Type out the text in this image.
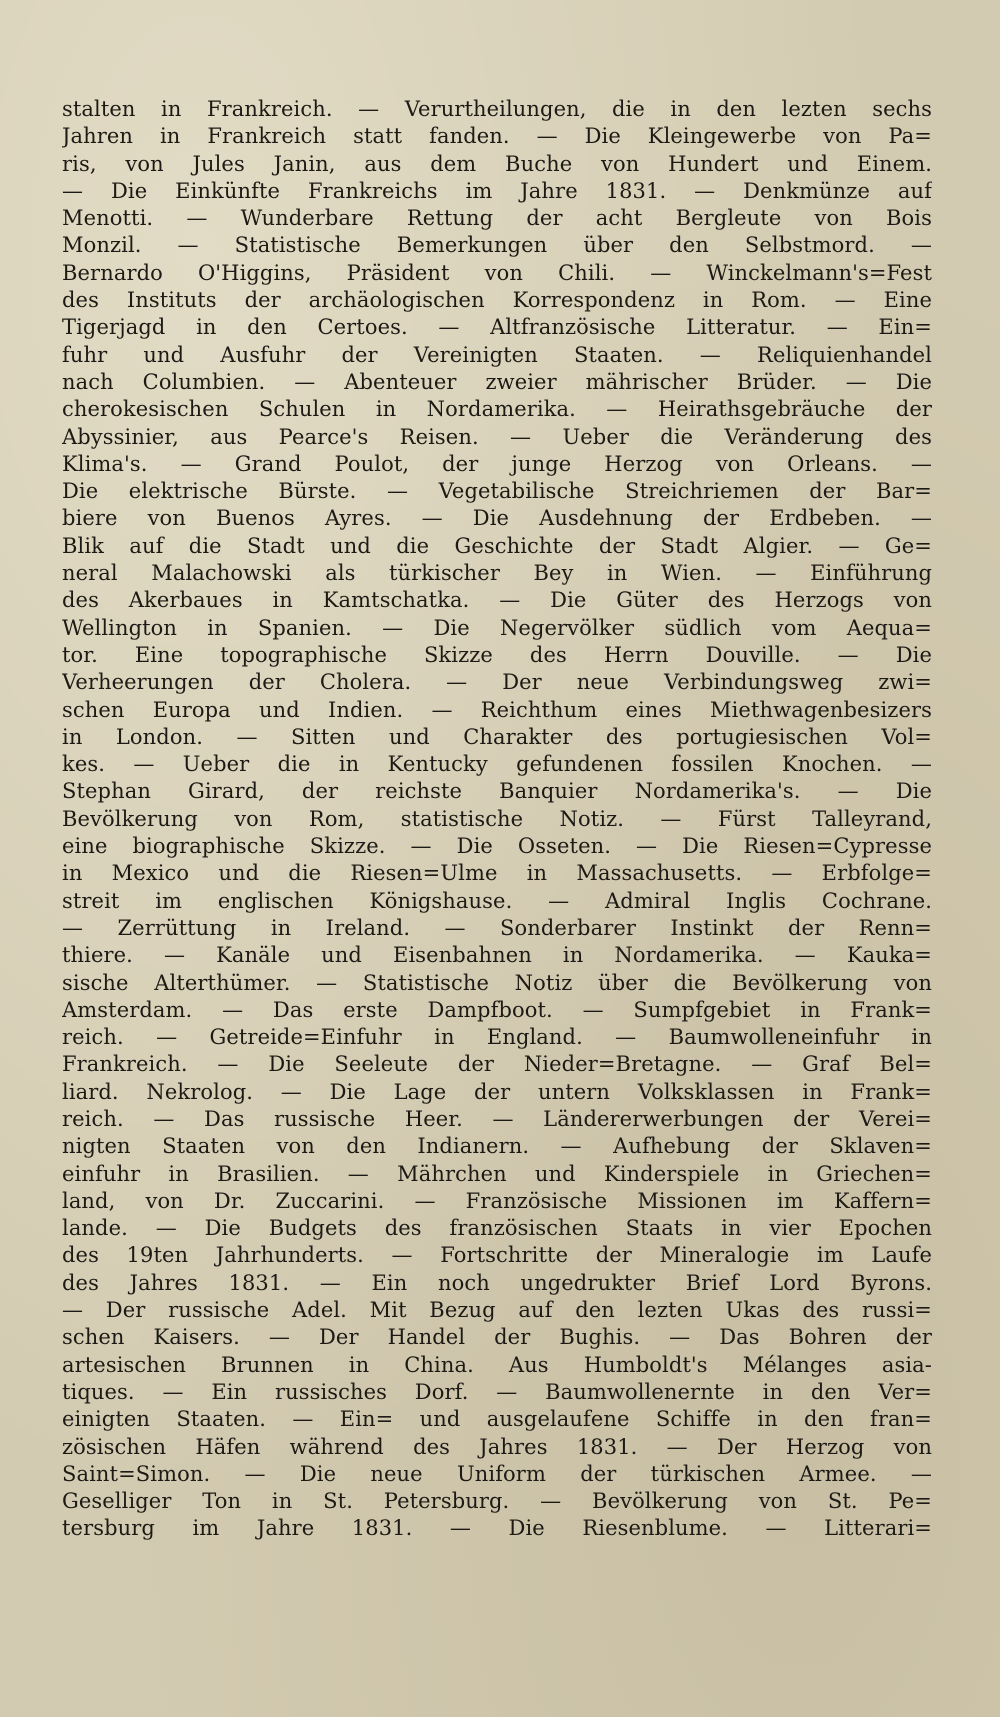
stalten in Frankreich. — Verurtheilungen, die in den lezten sechs
Jahren in Frankreich statt fanden. — Die Kleingewerbe von Pa=
ris, von Jules Janin, aus dem Buche von Hundert und Einem.
— Die Einkünfte Frankreichs im Jahre 1831. — Denkmünze auf
Menotti. — Wunderbare Rettung der acht Bergleute von Bois
Monzil. — Statistische Bemerkungen über den Selbstmord. —
Bernardo O'Higgins, Präsident von Chili. — Winckelmann's=Fest
des Instituts der archäologischen Korrespondenz in Rom. — Eine
Tigerjagd in den Certoes. — Altfranzösische Litteratur. — Ein=
fuhr und Ausfuhr der Vereinigten Staaten. — Reliquienhandel
nach Columbien. — Abenteuer zweier mährischer Brüder. — Die
cherokesischen Schulen in Nordamerika. — Heirathsgebräuche der
Abyssinier, aus Pearce's Reisen. — Ueber die Veränderung des
Klima's. — Grand Poulot, der junge Herzog von Orleans. —
Die elektrische Bürste. — Vegetabilische Streichriemen der Bar=
biere von Buenos Ayres. — Die Ausdehnung der Erdbeben. —
Blik auf die Stadt und die Geschichte der Stadt Algier. — Ge=
neral Malachowski als türkischer Bey in Wien. — Einführung
des Akerbaues in Kamtschatka. — Die Güter des Herzogs von
Wellington in Spanien. — Die Negervölker südlich vom Aequa=
tor. Eine topographische Skizze des Herrn Douville. — Die
Verheerungen der Cholera. — Der neue Verbindungsweg zwi=
schen Europa und Indien. — Reichthum eines Miethwagenbesizers
in London. — Sitten und Charakter des portugiesischen Vol=
kes. — Ueber die in Kentucky gefundenen fossilen Knochen. —
Stephan Girard, der reichste Banquier Nordamerika's. — Die
Bevölkerung von Rom, statistische Notiz. — Fürst Talleyrand,
eine biographische Skizze. — Die Osseten. — Die Riesen=Cypresse
in Mexico und die Riesen=Ulme in Massachusetts. — Erbfolge=
streit im englischen Königshause. — Admiral Inglis Cochrane.
— Zerrüttung in Ireland. — Sonderbarer Instinkt der Renn=
thiere. — Kanäle und Eisenbahnen in Nordamerika. — Kauka=
sische Alterthümer. — Statistische Notiz über die Bevölkerung von
Amsterdam. — Das erste Dampfboot. — Sumpfgebiet in Frank=
reich. — Getreide=Einfuhr in England. — Baumwolleneinfuhr in
Frankreich. — Die Seeleute der Nieder=Bretagne. — Graf Bel=
liard. Nekrolog. — Die Lage der untern Volksklassen in Frank=
reich. — Das russische Heer. — Ländererwerbungen der Verei=
nigten Staaten von den Indianern. — Aufhebung der Sklaven=
einfuhr in Brasilien. — Mährchen und Kinderspiele in Griechen=
land, von Dr. Zuccarini. — Französische Missionen im Kaffern=
lande. — Die Budgets des französischen Staats in vier Epochen
des 19ten Jahrhunderts. — Fortschritte der Mineralogie im Laufe
des Jahres 1831. — Ein noch ungedrukter Brief Lord Byrons.
— Der russische Adel. Mit Bezug auf den lezten Ukas des russi=
schen Kaisers. — Der Handel der Bughis. — Das Bohren der
artesischen Brunnen in China. Aus Humboldt's Mélanges asia-
tiques. — Ein russisches Dorf. — Baumwollenernte in den Ver=
einigten Staaten. — Ein= und ausgelaufene Schiffe in den fran=
zösischen Häfen während des Jahres 1831. — Der Herzog von
Saint=Simon. — Die neue Uniform der türkischen Armee. —
Geselliger Ton in St. Petersburg. — Bevölkerung von St. Pe=
tersburg im Jahre 1831. — Die Riesenblume. — Litterari=
